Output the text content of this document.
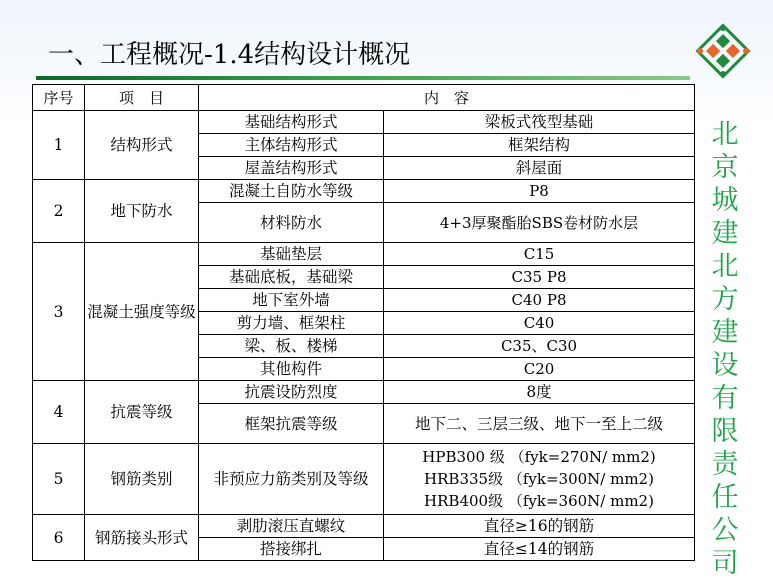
一、工程概况-1.4结构设计概况
北
京
城
建
北
方
建
设
有
限
责
任
公
司
序号	项　目	内　容	
1	结构形式	基础结构形式	梁板式筏型基础
		主体结构形式	框架结构
		屋盖结构形式	斜屋面
2	地下防水	混凝土自防水等级	P8
		材料防水	4+3厚聚酯胎SBS卷材防水层
3	混凝土强度等级	基础垫层	C15
		基础底板，基础梁	C35 P8
		地下室外墙	C40 P8
		剪力墙、框架柱	C40
		梁、板、楼梯	C35、C30
		其他构件	C20
4	抗震等级	抗震设防烈度	8度
		框架抗震等级	地下二、三层三级、地下一至上二级
5	钢筋类别	非预应力筋类别及等级	HPB300 级 （fyk=270N/ mm2)
HRB335级 （fyk=300N/ mm2)
HRB400级 （fyk=360N/ mm2)

6	钢筋接头形式	剥肋滚压直螺纹	直径≥16的钢筋
		搭接绑扎	直径≤14的钢筋
